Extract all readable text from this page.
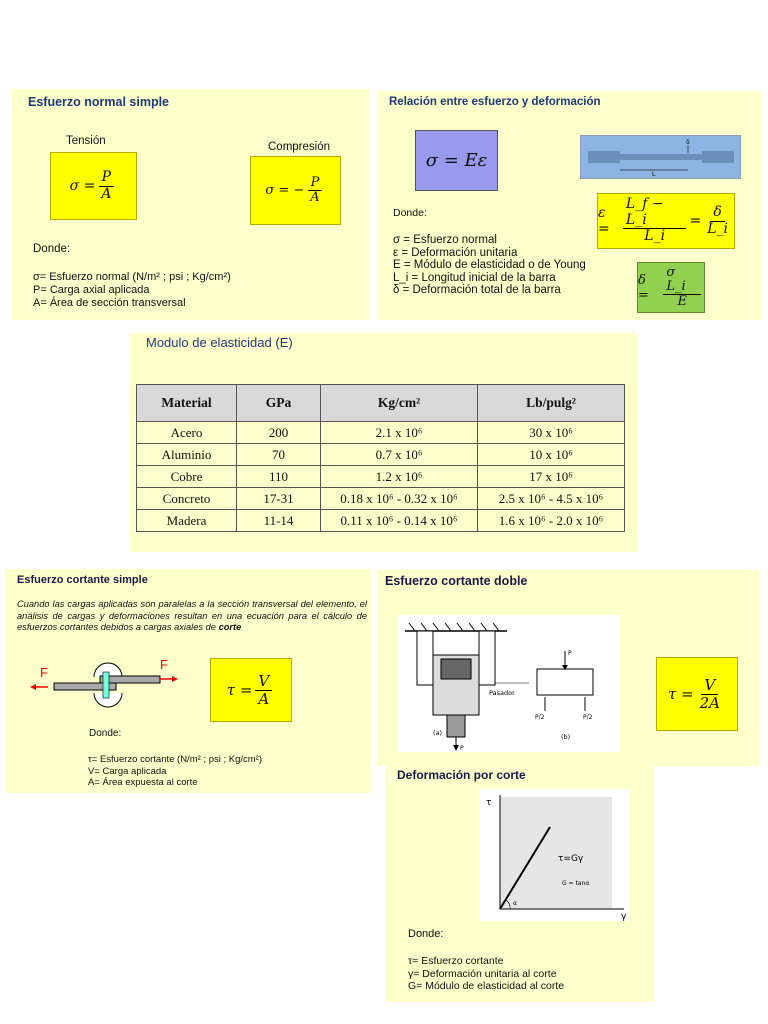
Esfuerzo normal simple
Tensión
$\sigma = \frac{P}{A}$
Compresión
σ = − $\frac{P}{A}$
Donde:
σ= Esfuerzo normal (N/m² ; psi ; Kg/cm²)
P= Carga axial aplicada
A= Área de sección transversal
Relación entre esfuerzo y deformación
σ = Eε
δ
L
Donde:
σ = Esfuerzo normal
ε = Deformación unitaria
E = Módulo de elasticidad o de Young
L_i = Longitud inicial de la barra
δ = Deformación total de la barra
$\varepsilon = \frac{L\_f - L\_i}{L\_i} = \frac{\delta}{L\_i}$
δ =	$\frac{\text{σ L\_i}}{E}$
Modulo de elasticidad (E)
Material	GPa	Kg/cm²	Lb/pulg²
Acero	200	2.1 x 10⁶	30 x 10⁶
Aluminio	70	0.7 x 10⁶	10 x 10⁶
Cobre	110	1.2 x 10⁶	17 x 10⁶
Concreto	17-31	0.18 x 10⁶ - 0.32 x 10⁶	2.5 x 10⁶ - 4.5 x 10⁶
Madera	11-14	0.11 x 10⁶ - 0.14 x 10⁶	1.6 x 10⁶ - 2.0 x 10⁶
Esfuerzo cortante simple
Cuando las cargas aplicadas son paralelas a la sección transversal del elemento, el análisis de cargas y deformaciones resultan en una ecuación para el cálculo de esfuerzos cortantes debidos a cargas axiales de corte
F
F
$\tau = \frac{V}{A}$
Donde:
τ= Esfuerzo cortante (N/m² ; psi ; Kg/cm²)
V= Carga aplicada
A= Área expuesta al corte
Esfuerzo cortante doble
P
Pasador
(a)
P
P/2	P/2
(b)
$\tau = \frac{V}{2A}$
Deformación por corte
τ
γ
τ=Gγ
G = tanα
α
Donde:
τ= Esfuerzo cortante
γ= Deformación unitaria al corte
G= Módulo de elasticidad al corte
